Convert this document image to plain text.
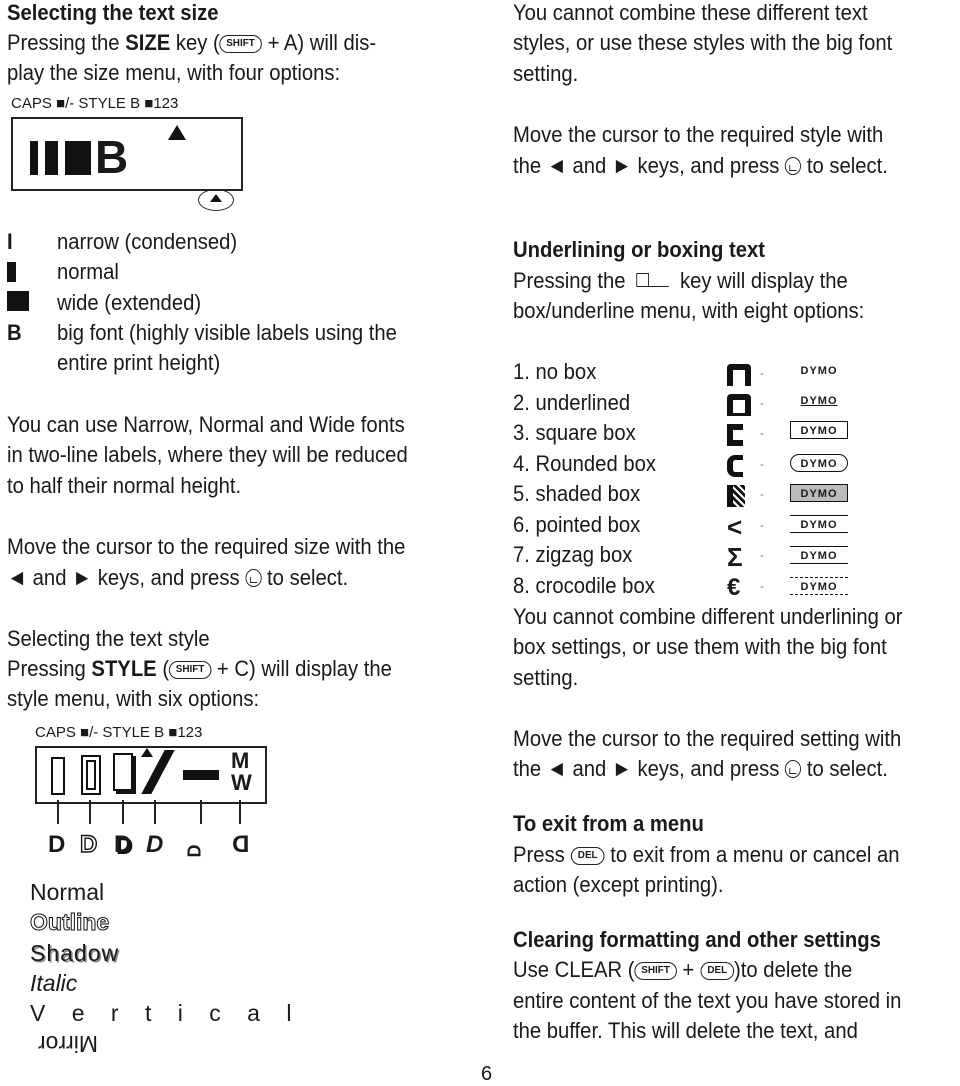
Selecting the text size
Pressing the SIZE key ( SHIFT + A) will dis-
play the size menu, with four options:
CAPS ■/- STYLE B ■123
B
I narrow (condensed)
normal
wide (extended)
B big font (highly visible labels using the
entire print height)
You can use Narrow, Normal and Wide fonts
in two-line labels, where they will be reduced
to half their normal height.
Move the cursor to the required size with the
◄ and ► keys, and press to select.
Selecting the text style
Pressing STYLE ( SHIFT + C) will display the
style menu, with six options:
CAPS ■/- STYLE B ■123
M
W
D D D D D D
Normal
Outline
Shadow
Italic
V e r t i c a l
Mirror
6
You cannot combine these different text
styles, or use these styles with the big font
setting.
Move the cursor to the required style with
the ◄ and ► keys, and press to select.
Underlining or boxing text
Pressing the key will display the
box/underline menu, with eight options:
1. no box
2. underlined
3. square box
4. Rounded box
5. shaded box
6. pointed box
7. zigzag box
8. crocodile box
<
Σ
€
-
-
-
-
-
-
-
-
DYMO
DYMO
DYMO
DYMO
DYMO
DYMO
DYMO
DYMO
You cannot combine different underlining or
box settings, or use them with the big font
setting.
Move the cursor to the required setting with
the ◄ and ► keys, and press to select.
To exit from a menu
Press DEL to exit from a menu or cancel an
action (except printing).
Clearing formatting and other settings
Use CLEAR ( SHIFT + DEL )to delete the
entire content of the text you have stored in
the buffer. This will delete the text, and
